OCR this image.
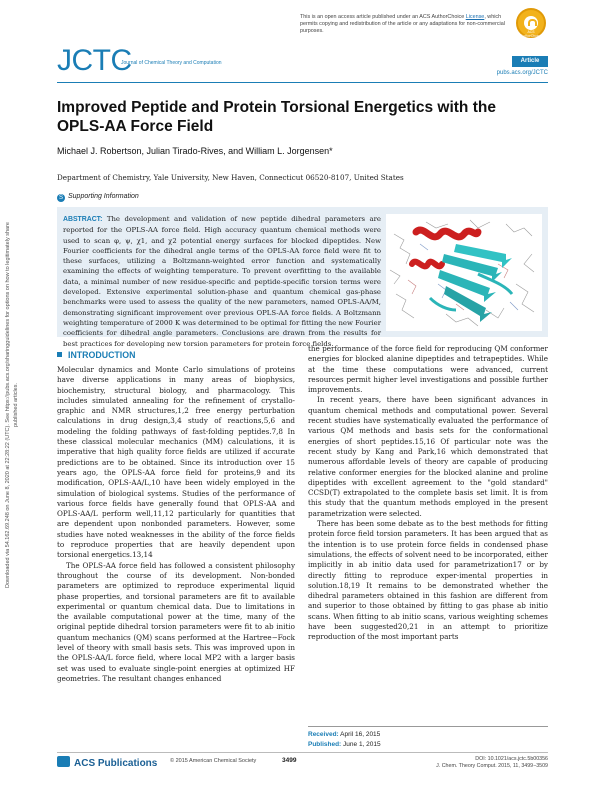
This is an open access article published under an ACS AuthorChoice License, which permits copying and redistribution of the article or any adaptations for non-commercial purposes.	ACS AuthorChoice
JCTC
Journal of Chemical Theory and Computation	Article
pubs.acs.org/JCTC
Improved Peptide and Protein Torsional Energetics with the OPLS-AA Force Field
Michael J. Robertson, Julian Tirado-Rives, and William L. Jorgensen*
Department of Chemistry, Yale University, New Haven, Connecticut 06520-8107, United States
S Supporting Information
ABSTRACT: The development and validation of new peptide dihedral parameters are reported for the OPLS-AA force field. High accuracy quantum chemical methods were used to scan φ, ψ, χ1, and χ2 potential energy surfaces for blocked dipeptides. New Fourier coefficients for the dihedral angle terms of the OPLS-AA force field were fit to these surfaces, utilizing a Boltzmann-weighted error function and systematically examining the effects of weighting temperature. To prevent overfitting to the available data, a minimal number of new residue-specific and peptide-specific torsion terms were developed. Extensive experimental solution-phase and quantum chemical gas-phase benchmarks were used to assess the quality of the new parameters, named OPLS-AA/M, demonstrating significant improvement over previous OPLS-AA force fields. A Boltzmann weighting temperature of 2000 K was determined to be optimal for fitting the new Fourier coefficients for dihedral angle parameters. Conclusions are drawn from the results for best practices for developing new torsion parameters for protein force fields.
Downloaded via 54.162.69.248 on June 8, 2020 at 22:28:22 (UTC). See https://pubs.acs.org/sharingguidelines for options on how to legitimately share published articles.
INTRODUCTION

Molecular dynamics and Monte Carlo simulations of proteins have diverse applications in many areas of biophysics, biochemistry, structural biology, and pharmacology. This includes simulated annealing for the refinement of crystallo-graphic and NMR structures,1,2 free energy perturbation calculations in drug design,3,4 study of reactions,5,6 and modeling the folding pathways of fast-folding peptides.7,8 In these classical molecular mechanics (MM) calculations, it is imperative that high quality force fields are utilized if accurate predictions are to be obtained. Since its introduction over 15 years ago, the OPLS-AA force field for proteins,9 and its modification, OPLS-AA/L,10 have been widely employed in the simulation of biological systems. Studies of the performance of various force fields have generally found that OPLS-AA and OPLS-AA/L perform well,11,12 particularly for quantities that are dependent upon nonbonded parameters. However, some studies have noted weaknesses in the ability of the force fields to reproduce properties that are heavily dependent upon torsional energetics.13,14

The OPLS-AA force field has followed a consistent philosophy throughout the course of its development. Non-bonded parameters are optimized to reproduce experimental liquid phase properties, and torsional parameters are fit to available experimental or quantum chemical data. Due to limitations in the available computational power at the time, many of the original peptide dihedral torsion parameters were fit to ab initio quantum mechanics (QM) scans performed at the Hartree−Fock level of theory with small basis sets. This was improved upon in the OPLS-AA/L force field, where local MP2 with a larger basis set was used to evaluate single-point energies at optimized HF geometries. The resultant changes enhanced

the performance of the force field for reproducing QM conformer energies for blocked alanine dipeptides and tetrapeptides. While at the time these computations were advanced, current resources permit higher level investigations and possible further improvements.

In recent years, there have been significant advances in quantum chemical methods and computational power. Several recent studies have systematically evaluated the performance of various QM methods and basis sets for the conformational energies of short peptides.15,16 Of particular note was the recent study by Kang and Park,16 which demonstrated that numerous affordable levels of theory are capable of producing relative conformer energies for the blocked alanine and proline dipeptides with excellent agreement to the "gold standard" CCSD(T) extrapolated to the complete basis set limit. It is from this study that the quantum methods employed in the present parametrization were selected.

There has been some debate as to the best methods for fitting protein force field torsion parameters. It has been argued that as the intention is to use protein force fields in condensed phase simulations, the effects of solvent need to be incorporated, either implicitly in ab initio data used for parametrization17 or by directly fitting to reproduce exper-imental properties in solution.18,19 It remains to be demonstrated whether the dihedral parameters obtained in this fashion are different from and superior to those obtained by fitting to gas phase ab initio scans. When fitting to ab initio scans, various weighting schemes have been suggested20,21 in an attempt to prioritize reproduction of the most important parts

Received: April 16, 2015
Published: June 1, 2015
ACS Publications © 2015 American Chemical Society	3499	DOI: 10.1021/acs.jctc.5b00356
J. Chem. Theory Comput. 2015, 11, 3499−3509
